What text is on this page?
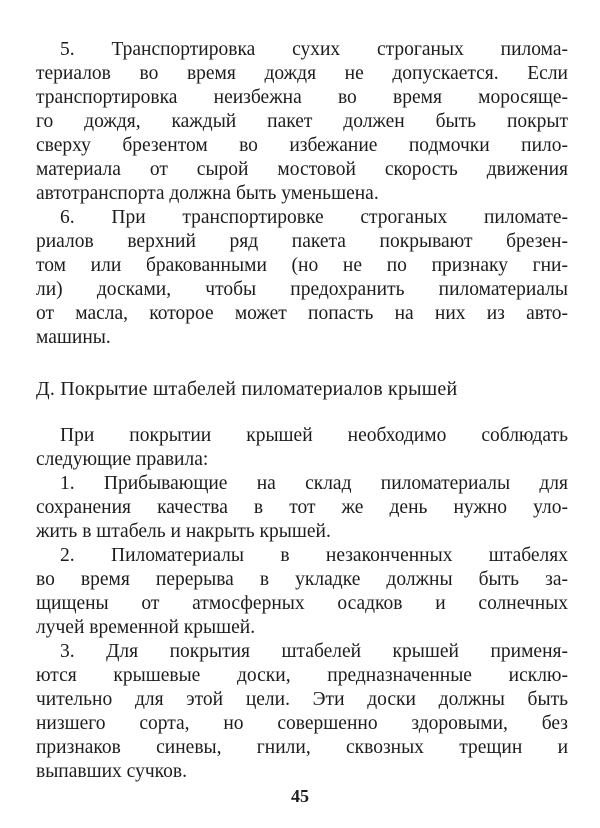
5. Транспортировка сухих строганых пилома-
териалов во время дождя не допускается. Если
транспортировка неизбежна во время моросяще-
го дождя, каждый пакет должен быть покрыт
сверху брезентом во избежание подмочки пило-
материала от сырой мостовой скорость движения
автотранспорта должна быть уменьшена.
6. При транспортировке строганых пиломате-
риалов верхний ряд пакета покрывают брезен-
том или бракованными (но не по признаку гни-
ли) досками, чтобы предохранить пиломатериалы
от масла, которое может попасть на них из авто-
машины.
Д. Покрытие штабелей пиломатериалов крышей
При покрытии крышей необходимо соблюдать
следующие правила:
1. Прибывающие на склад пиломатериалы для
сохранения качества в тот же день нужно уло-
жить в штабель и накрыть крышей.
2. Пиломатериалы в незаконченных штабелях
во время перерыва в укладке должны быть за-
щищены от атмосферных осадков и солнечных
лучей временной крышей.
3. Для покрытия штабелей крышей применя-
ются крышевые доски, предназначенные исклю-
чительно для этой цели. Эти доски должны быть
низшего сорта, но совершенно здоровыми, без
признаков синевы, гнили, сквозных трещин и
выпавших сучков.
45
